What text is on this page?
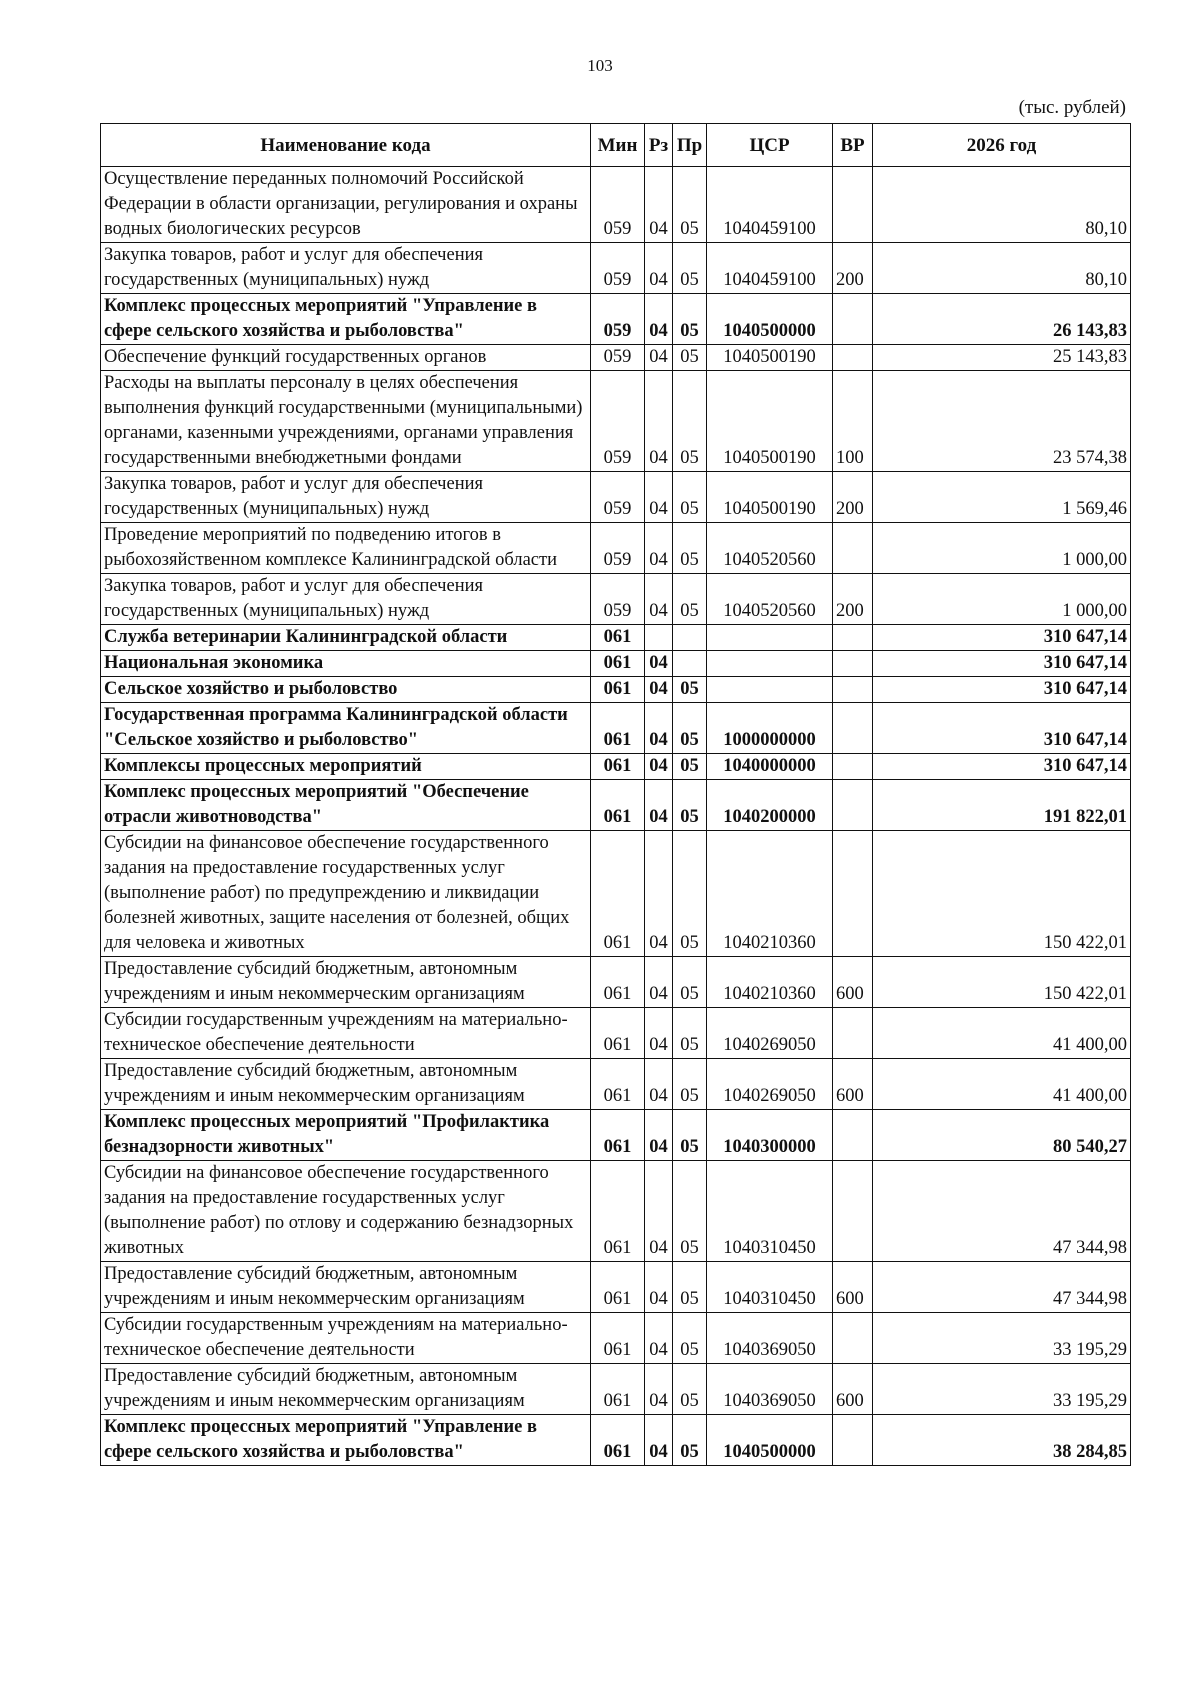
103
(тыс. рублей)
Наименование кода	Мин	Рз	Пр	ЦСР	ВР	2026 год
Осуществление переданных полномочий Российской Федерации в области организации, регулирования и охраны водных биологических ресурсов	059	04	05	1040459100		80,10
Закупка товаров, работ и услуг для обеспечения государственных (муниципальных) нужд	059	04	05	1040459100	200	80,10
Комплекс процессных мероприятий "Управление в сфере сельского хозяйства и рыболовства"	059	04	05	1040500000		26 143,83
Обеспечение функций государственных органов	059	04	05	1040500190		25 143,83
Расходы на выплаты персоналу в целях обеспечения выполнения функций государственными (муниципальными) органами, казенными учреждениями, органами управления государственными внебюджетными фондами	059	04	05	1040500190	100	23 574,38
Закупка товаров, работ и услуг для обеспечения государственных (муниципальных) нужд	059	04	05	1040500190	200	1 569,46
Проведение мероприятий по подведению итогов в рыбохозяйственном комплексе Калининградской области	059	04	05	1040520560		1 000,00
Закупка товаров, работ и услуг для обеспечения государственных (муниципальных) нужд	059	04	05	1040520560	200	1 000,00
Служба ветеринарии Калининградской области	061					310 647,14
Национальная экономика	061	04				310 647,14
Сельское хозяйство и рыболовство	061	04	05			310 647,14
Государственная программа Калининградской области "Сельское хозяйство и рыболовство"	061	04	05	1000000000		310 647,14
Комплексы процессных мероприятий	061	04	05	1040000000		310 647,14
Комплекс процессных мероприятий "Обеспечение отрасли животноводства"	061	04	05	1040200000		191 822,01
Субсидии на финансовое обеспечение государственного задания на предоставление государственных услуг (выполнение работ) по предупреждению и ликвидации болезней животных, защите населения от болезней, общих для человека и животных	061	04	05	1040210360		150 422,01
Предоставление субсидий бюджетным, автономным учреждениям и иным некоммерческим организациям	061	04	05	1040210360	600	150 422,01
Субсидии государственным учреждениям на материально-техническое обеспечение деятельности	061	04	05	1040269050		41 400,00
Предоставление субсидий бюджетным, автономным учреждениям и иным некоммерческим организациям	061	04	05	1040269050	600	41 400,00
Комплекс процессных мероприятий "Профилактика безнадзорности животных"	061	04	05	1040300000		80 540,27
Субсидии на финансовое обеспечение государственного задания на предоставление государственных услуг (выполнение работ) по отлову и содержанию безнадзорных животных	061	04	05	1040310450		47 344,98
Предоставление субсидий бюджетным, автономным учреждениям и иным некоммерческим организациям	061	04	05	1040310450	600	47 344,98
Субсидии государственным учреждениям на материально-техническое обеспечение деятельности	061	04	05	1040369050		33 195,29
Предоставление субсидий бюджетным, автономным учреждениям и иным некоммерческим организациям	061	04	05	1040369050	600	33 195,29
Комплекс процессных мероприятий "Управление в сфере сельского хозяйства и рыболовства"	061	04	05	1040500000		38 284,85
